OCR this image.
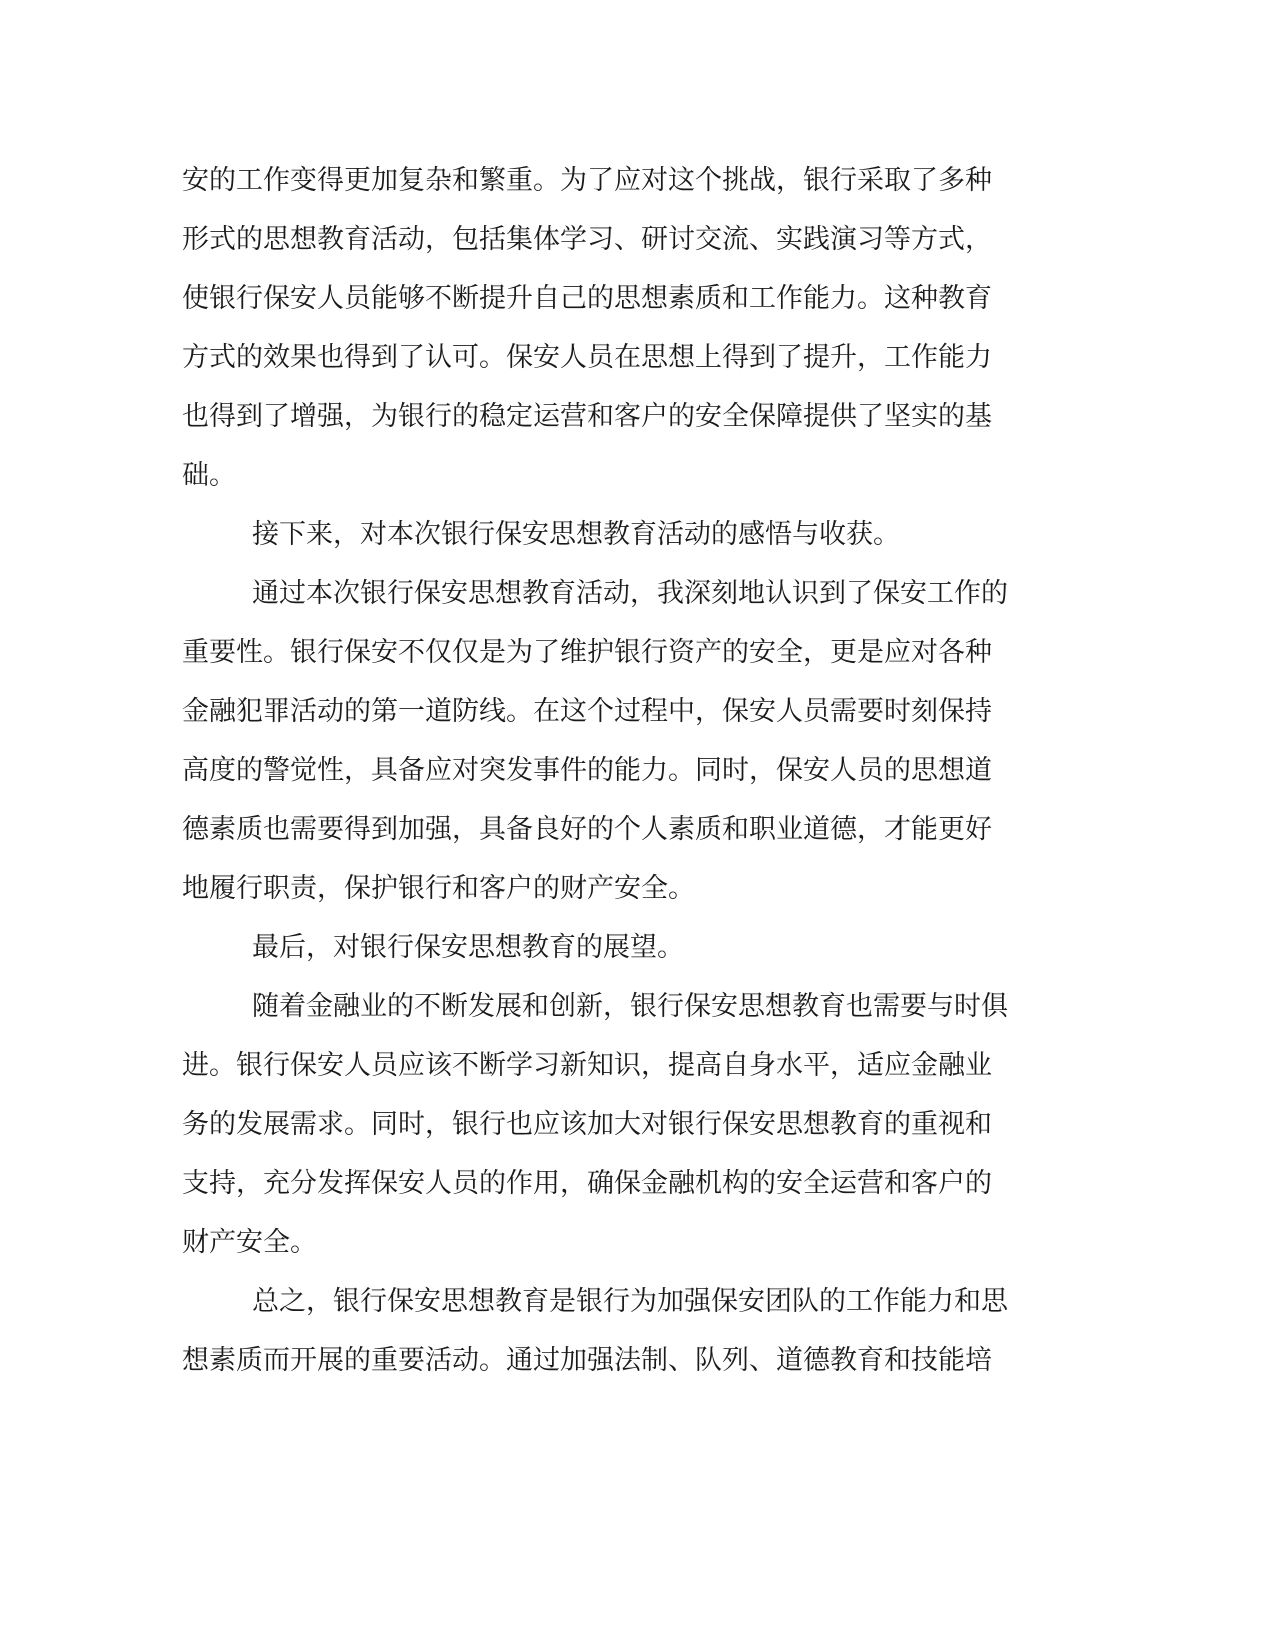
安的工作变得更加复杂和繁重。为了应对这个挑战，银行采取了多种

形式的思想教育活动，包括集体学习、研讨交流、实践演习等方式，

使银行保安人员能够不断提升自己的思想素质和工作能力。这种教育

方式的效果也得到了认可。保安人员在思想上得到了提升，工作能力

也得到了增强，为银行的稳定运营和客户的安全保障提供了坚实的基

础。

接下来，对本次银行保安思想教育活动的感悟与收获。

通过本次银行保安思想教育活动，我深刻地认识到了保安工作的

重要性。银行保安不仅仅是为了维护银行资产的安全，更是应对各种

金融犯罪活动的第一道防线。在这个过程中，保安人员需要时刻保持

高度的警觉性，具备应对突发事件的能力。同时，保安人员的思想道

德素质也需要得到加强，具备良好的个人素质和职业道德，才能更好

地履行职责，保护银行和客户的财产安全。

最后，对银行保安思想教育的展望。

随着金融业的不断发展和创新，银行保安思想教育也需要与时俱

进。银行保安人员应该不断学习新知识，提高自身水平，适应金融业

务的发展需求。同时，银行也应该加大对银行保安思想教育的重视和

支持，充分发挥保安人员的作用，确保金融机构的安全运营和客户的

财产安全。

总之，银行保安思想教育是银行为加强保安团队的工作能力和思

想素质而开展的重要活动。通过加强法制、队列、道德教育和技能培
